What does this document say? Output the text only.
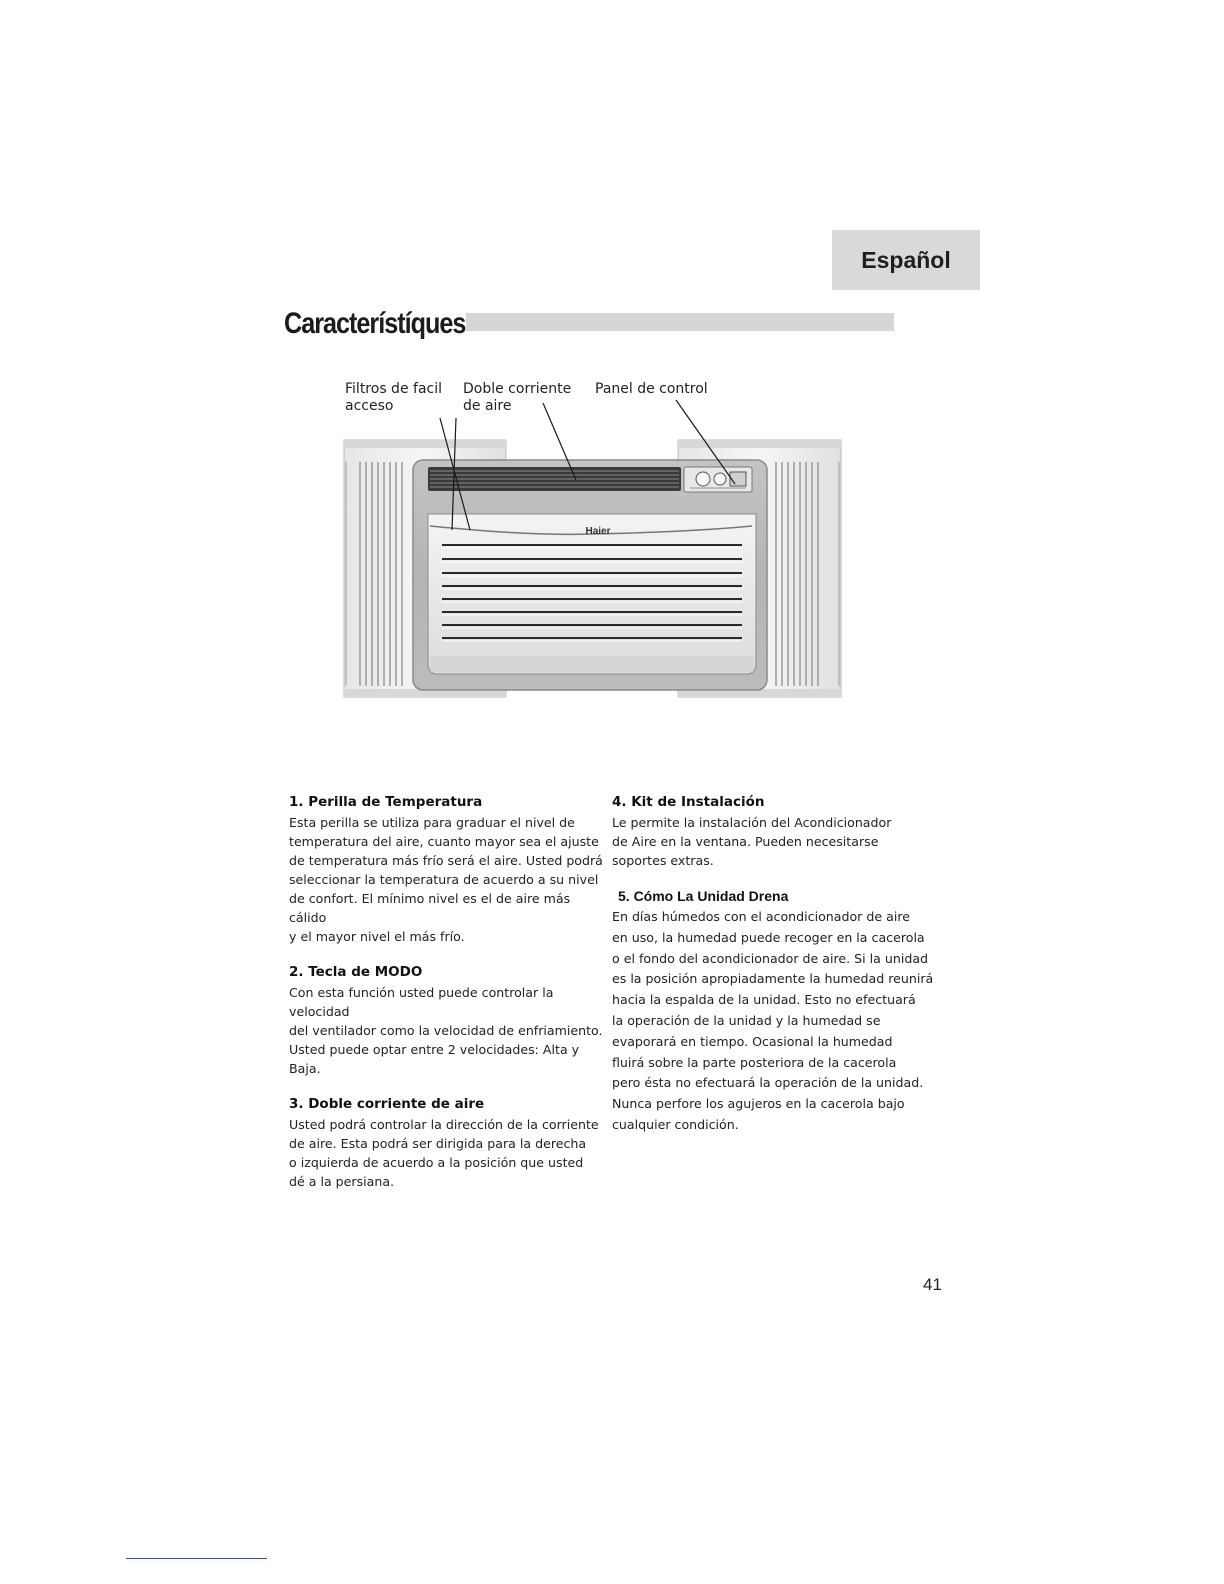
Español
Característíques
Filtros de facil
acceso
Doble corriente
de aire
Panel de control
Haier

1. Perilla de Temperatura

Esta perilla se utiliza para graduar el nivel de
temperatura del aire, cuanto mayor sea el ajuste
de temperatura más frío será el aire. Usted podrá
seleccionar la temperatura de acuerdo a su nivel
de confort. El mínimo nivel es el de aire más cálido
y el mayor nivel el más frío.

2. Tecla de MODO

Con esta función usted puede controlar la velocidad
del ventilador como la velocidad de enfriamiento.
Usted puede optar entre 2 velocidades: Alta y Baja.

3. Doble corriente de aire

Usted podrá controlar la dirección de la corriente
de aire. Esta podrá ser dirigida para la derecha
o izquierda de acuerdo a la posición que usted
dé a la persiana.

4. Kit de Instalación

Le permite la instalación del Acondicionador
de Aire en la ventana. Pueden necesitarse
soportes extras.

5. Cómo La Unidad Drena

En días húmedos con el acondicionador de aire
en uso, la humedad puede recoger en la cacerola
o el fondo del acondicionador de aire. Si la unidad
es la posición apropiadamente la humedad reunirá
hacia la espalda de la unidad. Esto no efectuará
la operación de la unidad y la humedad se
evaporará en tiempo. Ocasional la humedad
fluirá sobre la parte posteriora de la cacerola
pero ésta no efectuará la operación de la unidad.
Nunca perfore los agujeros en la cacerola bajo
cualquier condición.

41
